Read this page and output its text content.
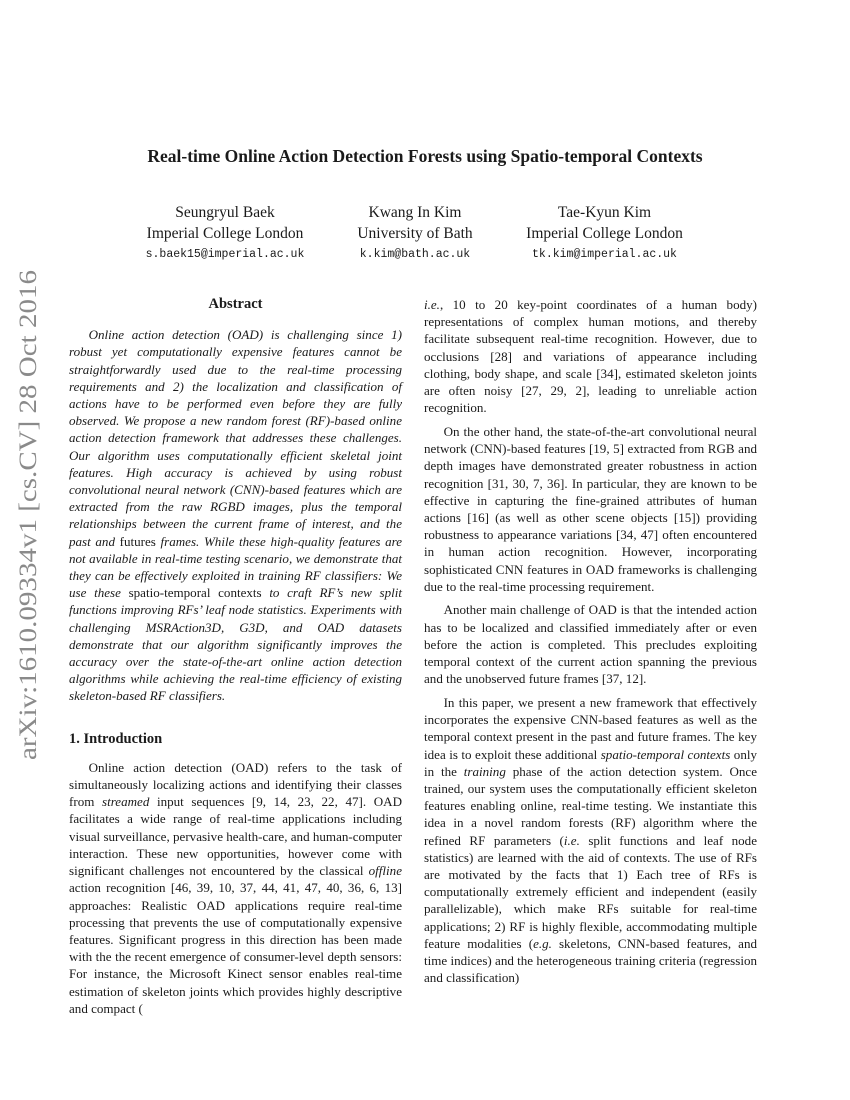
arXiv:1610.09334v1 [cs.CV] 28 Oct 2016
Real-time Online Action Detection Forests using Spatio-temporal Contexts
Seungryul Baek
Imperial College London
s.baek15@imperial.ac.uk
Kwang In Kim
University of Bath
k.kim@bath.ac.uk
Tae-Kyun Kim
Imperial College London
tk.kim@imperial.ac.uk
Abstract

Online action detection (OAD) is challenging since 1) robust yet computationally expensive features cannot be straightforwardly used due to the real-time processing requirements and 2) the localization and classification of actions have to be performed even before they are fully observed. We propose a new random forest (RF)-based online action detection framework that addresses these challenges. Our algorithm uses computationally efficient skeletal joint features. High accuracy is achieved by using robust convolutional neural network (CNN)-based features which are extracted from the raw RGBD images, plus the temporal relationships between the current frame of interest, and the past and futures frames. While these high-quality features are not available in real-time testing scenario, we demonstrate that they can be effectively exploited in training RF classifiers: We use these spatio-temporal contexts to craft RF’s new split functions improving RFs’ leaf node statistics. Experiments with challenging MSRAction3D, G3D, and OAD datasets demonstrate that our algorithm significantly improves the accuracy over the state-of-the-art online action detection algorithms while achieving the real-time efficiency of existing skeleton-based RF classifiers.

1. Introduction

Online action detection (OAD) refers to the task of simultaneously localizing actions and identifying their classes from streamed input sequences [9, 14, 23, 22, 47]. OAD facilitates a wide range of real-time applications including visual surveillance, pervasive health-care, and human-computer interaction. These new opportunities, however come with significant challenges not encountered by the classical offline action recognition [46, 39, 10, 37, 44, 41, 47, 40, 36, 6, 13] approaches: Realistic OAD applications require real-time processing that prevents the use of computationally expensive features. Significant progress in this direction has been made with the the recent emergence of consumer-level depth sensors: For instance, the Microsoft Kinect sensor enables real-time estimation of skeleton joints which provides highly descriptive and compact (

i.e., 10 to 20 key-point coordinates of a human body) representations of complex human motions, and thereby facilitate subsequent real-time recognition. However, due to occlusions [28] and variations of appearance including clothing, body shape, and scale [34], estimated skeleton joints are often noisy [27, 29, 2], leading to unreliable action recognition.

On the other hand, the state-of-the-art convolutional neural network (CNN)-based features [19, 5] extracted from RGB and depth images have demonstrated greater robustness in action recognition [31, 30, 7, 36]. In particular, they are known to be effective in capturing the fine-grained attributes of human actions [16] (as well as other scene objects [15]) providing robustness to appearance variations [34, 47] often encountered in human action recognition. However, incorporating sophisticated CNN features in OAD frameworks is challenging due to the real-time processing requirement.

Another main challenge of OAD is that the intended action has to be localized and classified immediately after or even before the action is completed. This precludes exploiting temporal context of the current action spanning the previous and the unobserved future frames [37, 12].

In this paper, we present a new framework that effectively incorporates the expensive CNN-based features as well as the temporal context present in the past and future frames. The key idea is to exploit these additional spatio-temporal contexts only in the training phase of the action detection system. Once trained, our system uses the computationally efficient skeleton features enabling online, real-time testing. We instantiate this idea in a novel random forests (RF) algorithm where the refined RF parameters (i.e. split functions and leaf node statistics) are learned with the aid of contexts. The use of RFs are motivated by the facts that 1) Each tree of RFs is computationally extremely efficient and independent (easily parallelizable), which make RFs suitable for real-time applications; 2) RF is highly flexible, accommodating multiple feature modalities (e.g. skeletons, CNN-based features, and time indices) and the heterogeneous training criteria (regression and classification)
